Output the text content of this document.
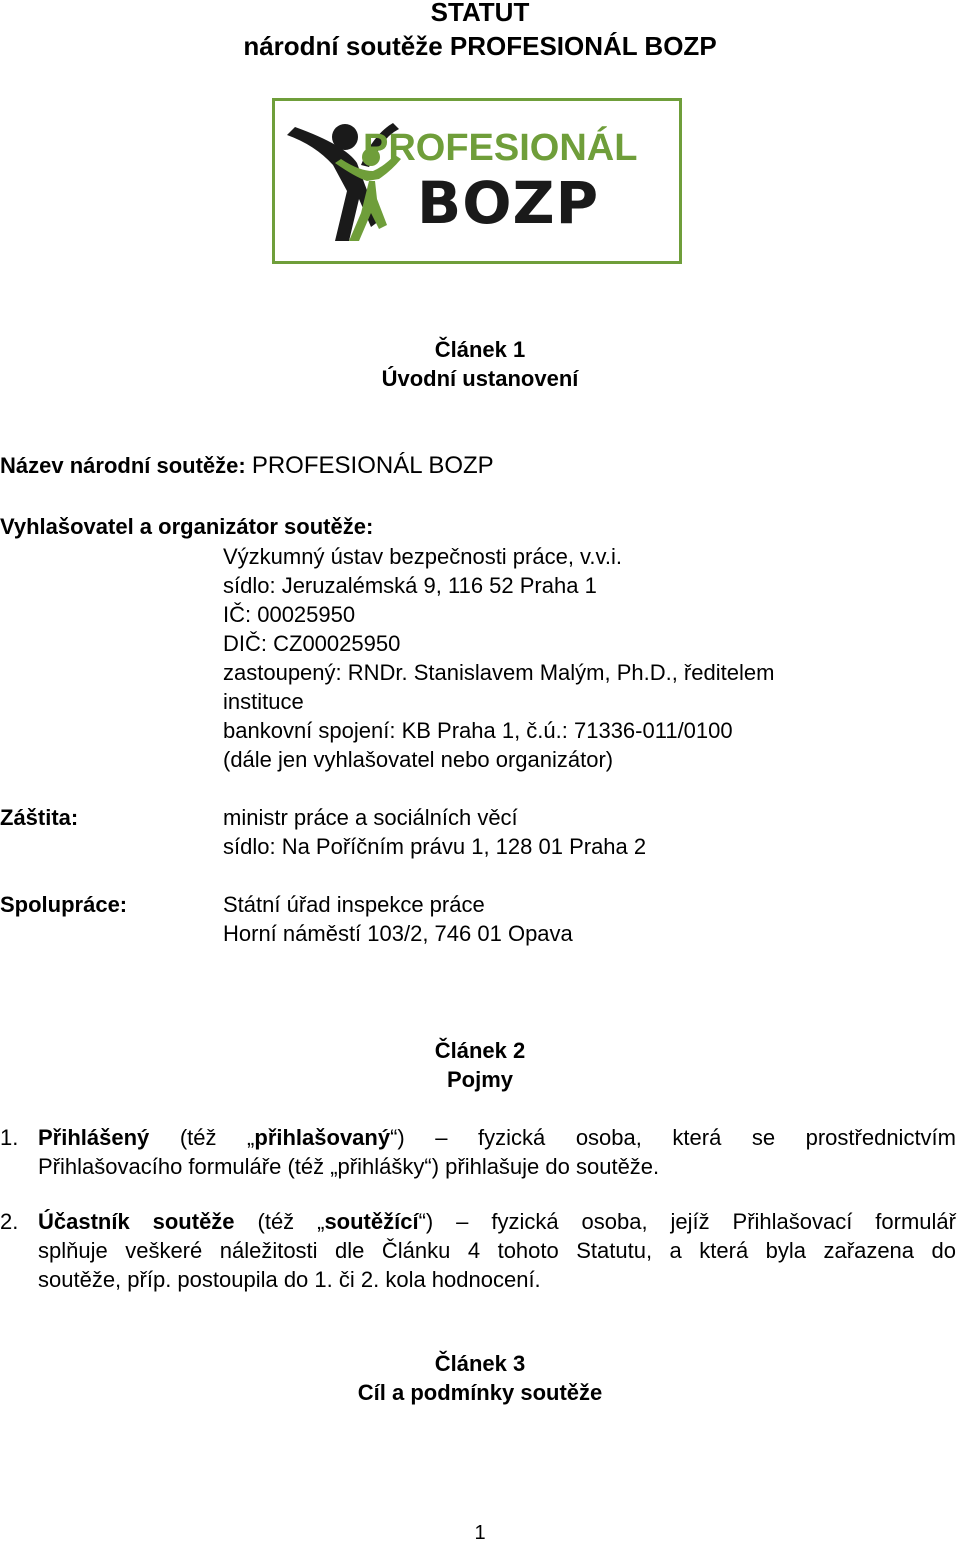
STATUT
národní soutěže PROFESIONÁL BOZP
PROFESIONÁL
BOZP
Článek 1
Úvodní ustanovení
Název národní soutěže: PROFESIONÁL BOZP
Vyhlašovatel a organizátor soutěže:
Výzkumný ústav bezpečnosti práce, v.v.i.
sídlo: Jeruzalémská 9, 116 52 Praha 1
IČ: 00025950
DIČ: CZ00025950
zastoupený: RNDr. Stanislavem Malým, Ph.D., ředitelem
instituce
bankovní spojení: KB Praha 1, č.ú.: 71336-011/0100
(dále jen vyhlašovatel nebo organizátor)
Záštita:	ministr práce a sociálních věcí
sídlo: Na Poříčním právu 1, 128 01 Praha 2
Spolupráce:	Státní úřad inspekce práce
Horní náměstí 103/2, 746 01 Opava
Článek 2
Pojmy
1. Přihlášený (též „přihlašovaný“) – fyzická osoba, která se prostřednictvím
Přihlašovacího formuláře (též „přihlášky“) přihlašuje do soutěže.
2. Účastník soutěže (též „soutěžící“) – fyzická osoba, jejíž Přihlašovací formulář
splňuje veškeré náležitosti dle Článku 4 tohoto Statutu, a která byla zařazena do
soutěže, příp. postoupila do 1. či 2. kola hodnocení.
Článek 3
Cíl a podmínky soutěže
1
